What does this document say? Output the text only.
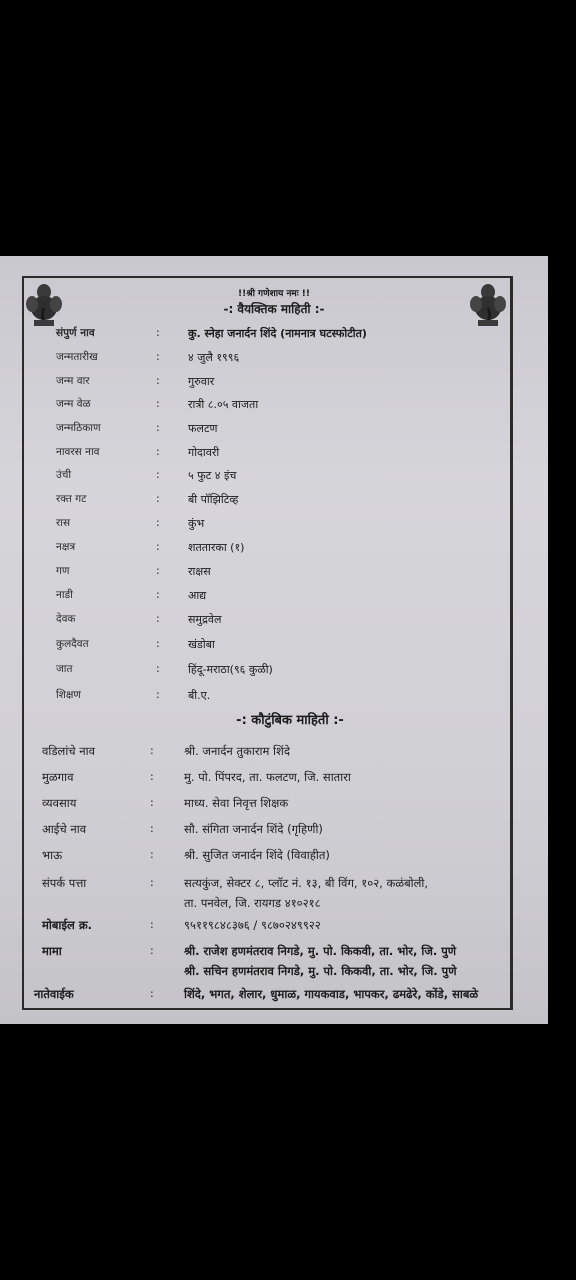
!!श्री गणेशाय नमः !!
-: वैयक्तिक माहिती :-
संपुर्ण नाव	:	कु. स्नेहा जनार्दन शिंदे (नामनात्र घटस्फोटीत)
जन्मतारीख	:	४ जुलै १९९६
जन्म वार	:	गुरुवार
जन्म वेळ	:	रात्री ८.०५ वाजता
जन्मठिकाण	:	फलटण
नावरस नाव	:	गोदावरी
उंची	:	५ फुट ४ इंच
रक्त गट	:	बी पॉझिटिव्ह
रास	:	कुंभ
नक्षत्र	:	शततारका (१)
गण	:	राक्षस
नाडी	:	आद्य
देवक	:	समुद्रवेल
कुलदैवत	:	खंडोबा
जात	:	हिंदू-मराठा(९६ कुळी)
शिक्षण	:	बी.ए.
-: कौटुंबिक माहिती :-
वडिलांचे नाव	:	श्री. जनार्दन तुकाराम शिंदे
मुळगाव	:	मु. पो. पिंपरद, ता. फलटण, जि. सातारा
व्यवसाय	:	माध्य. सेवा निवृत्त शिक्षक
आईचे नाव	:	सौ. संगिता जनार्दन शिंदे (गृहिणी)
भाऊ	:	श्री. सुजित जनार्दन शिंदे (विवाहीत)
संपर्क पत्ता	:	सत्यकुंज, सेक्टर ८, प्लॉट नं. १३, बी विंग, १०२, कळंबोली,
ता. पनवेल, जि. रायगड ४१०२१८
मोबाईल क्र.	:	९५११९८४८३७६ / ९८७०२४९९२२
मामा	:	श्री. राजेश हणमंतराव निगडे, मु. पो. किकवी, ता. भोर, जि. पुणे
श्री. सचिन हणमंतराव निगडे, मु. पो. किकवी, ता. भोर, जि. पुणे
नातेवाईक	:	शिंदे, भगत, शेलार, धुमाळ, गायकवाड, भापकर, ढमढेरे, कोंडे, साबळे
